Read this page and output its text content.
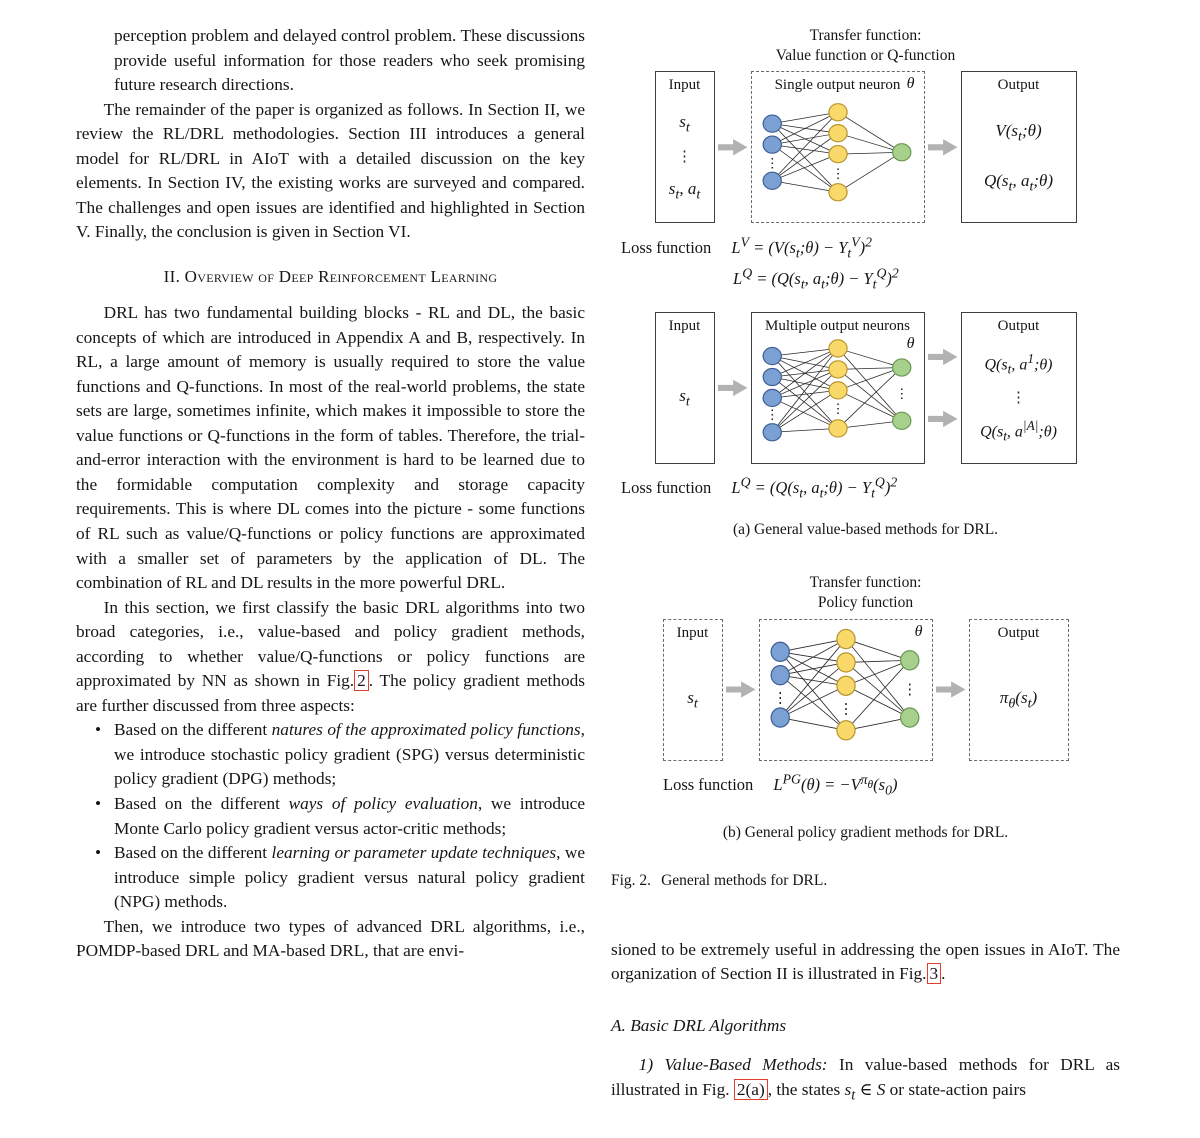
perception problem and delayed control problem. These discussions provide useful information for those readers who seek promising future research directions.

The remainder of the paper is organized as follows. In Section II, we review the RL/DRL methodologies. Section III introduces a general model for RL/DRL in AIoT with a detailed discussion on the key elements. In Section IV, the existing works are surveyed and compared. The challenges and open issues are identified and highlighted in Section V. Finally, the conclusion is given in Section VI.

II. Overview of Deep Reinforcement Learning

DRL has two fundamental building blocks - RL and DL, the basic concepts of which are introduced in Appendix A and B, respectively. In RL, a large amount of memory is usually required to store the value functions and Q-functions. In most of the real-world problems, the state sets are large, sometimes infinite, which makes it impossible to store the value functions or Q-functions in the form of tables. Therefore, the trial-and-error interaction with the environment is hard to be learned due to the formidable computation complexity and storage capacity requirements. This is where DL comes into the picture - some functions of RL such as value/Q-functions or policy functions are approximated with a smaller set of parameters by the application of DL. The combination of RL and DL results in the more powerful DRL.

In this section, we first classify the basic DRL algorithms into two broad categories, i.e., value-based and policy gradient methods, according to whether value/Q-functions or policy functions are approximated by NN as shown in Fig. 2 . The policy gradient methods are further discussed from three aspects:

• Based on the different natures of the approximated policy functions, we introduce stochastic policy gradient (SPG) versus deterministic policy gradient (DPG) methods;
• Based on the different ways of policy evaluation, we introduce Monte Carlo policy gradient versus actor-critic methods;
• Based on the different learning or parameter update techniques, we introduce simple policy gradient versus natural policy gradient (NPG) methods.

Then, we introduce two types of advanced DRL algorithms, i.e., POMDP-based DRL and MA-based DRL, that are envi-

Transfer function:
Value function or Q-function
Input
$s_t$
⋮
$s_t$, $a_t$
Single output neuron θ
⋮
⋮
Output
$V(s_t;\theta)$
$Q(s_t$, $a_t;\theta$)
Loss function $L^V$ = $(V(s_t;\theta) - Y_t^V)^2$
$L^Q = (Q(s_t$, $a_t;\theta) - Y_t^Q)^2$
Input
$s_t$
Multiple output neurons
θ
⋮	⋮
⋮
Output
$Q(s_t$, $a^1;\theta$)
⋮
$Q(s_t$, $a^{|A|};\theta$)
Loss function $L^Q = (Q(s_t$, $a_t;\theta) - Y_t^Q)^2$
(a) General value-based methods for DRL.
Transfer function:
Policy function
Input
$s_t$
θ
⋮
⋮
⋮
Output
$\pi_\theta(s_t)$
Loss function $L^{PG}(\theta) = -V^{\pi_\theta}(s_0)$
(b) General policy gradient methods for DRL.
Fig. 2. General methods for DRL.

sioned to be extremely useful in addressing the open issues in AIoT. The organization of Section II is illustrated in Fig. 3 .

A. Basic DRL Algorithms

1) Value-Based Methods: In value-based methods for DRL as illustrated in Fig. 2(a) , the states $s_t$ ∈ S or state-action pairs
